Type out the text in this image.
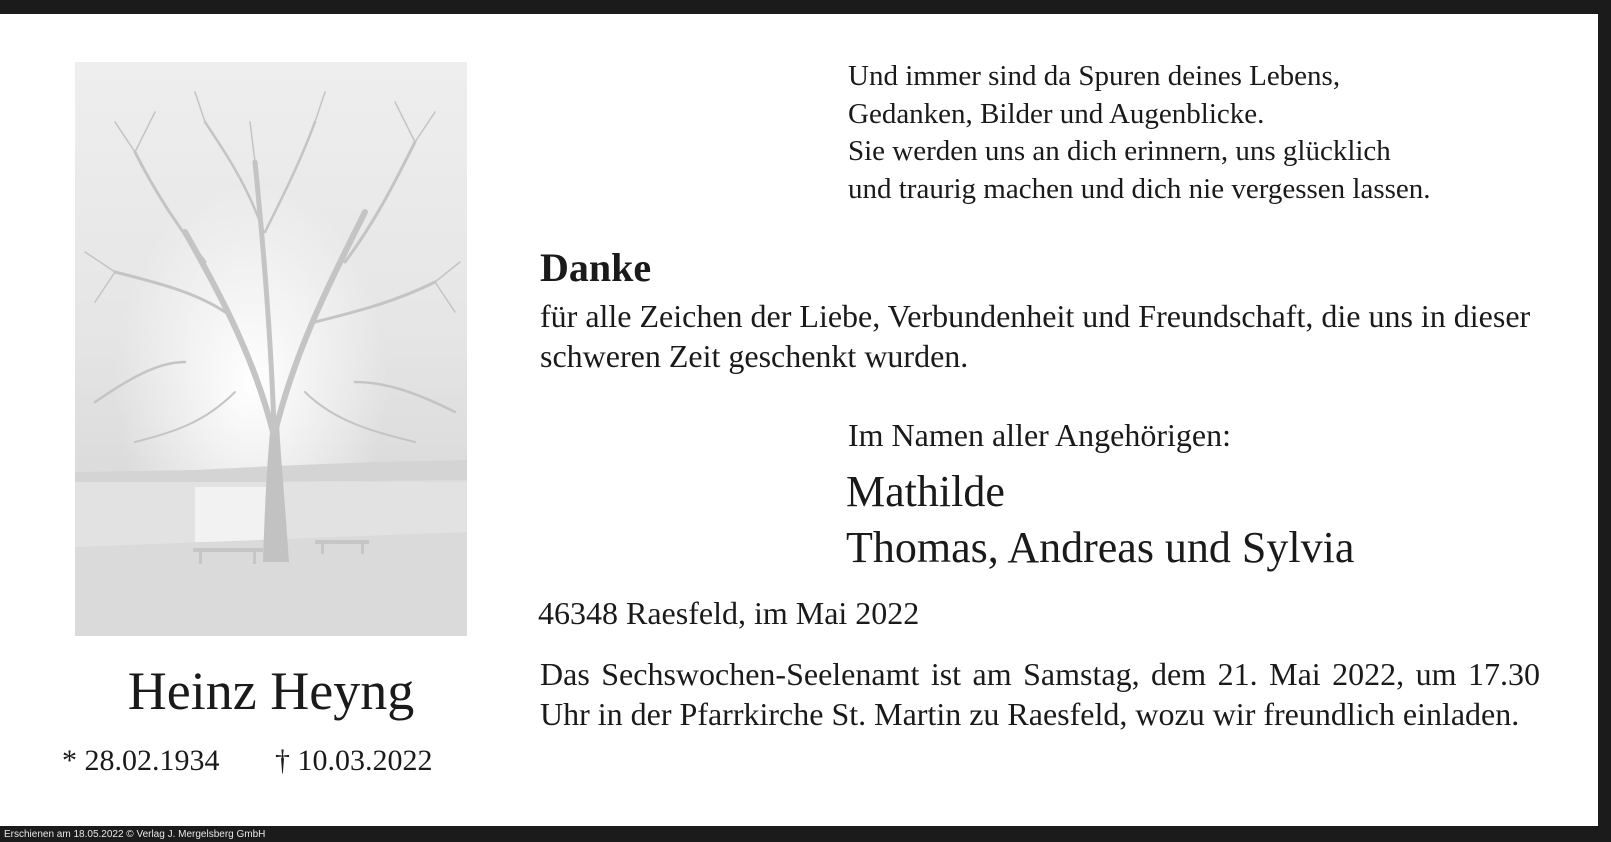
Heinz Heyng
* 28.02.1934 † 10.03.2022
Und immer sind da Spuren deines Lebens,
Gedanken, Bilder und Augenblicke.
Sie werden uns an dich erinnern, uns glücklich
und traurig machen und dich nie vergessen lassen.
Danke
für alle Zeichen der Liebe, Verbundenheit und Freundschaft, die uns in dieser schweren Zeit geschenkt wurden.
Im Namen aller Angehörigen:
Mathilde
Thomas, Andreas und Sylvia
46348 Raesfeld, im Mai 2022
Das Sechswochen-Seelenamt ist am Samstag, dem 21. Mai 2022, um 17.30 Uhr in der Pfarrkirche St. Martin zu Raesfeld, wozu wir freundlich einladen.
Erschienen am 18.05.2022 © Verlag J. Mergelsberg GmbH
